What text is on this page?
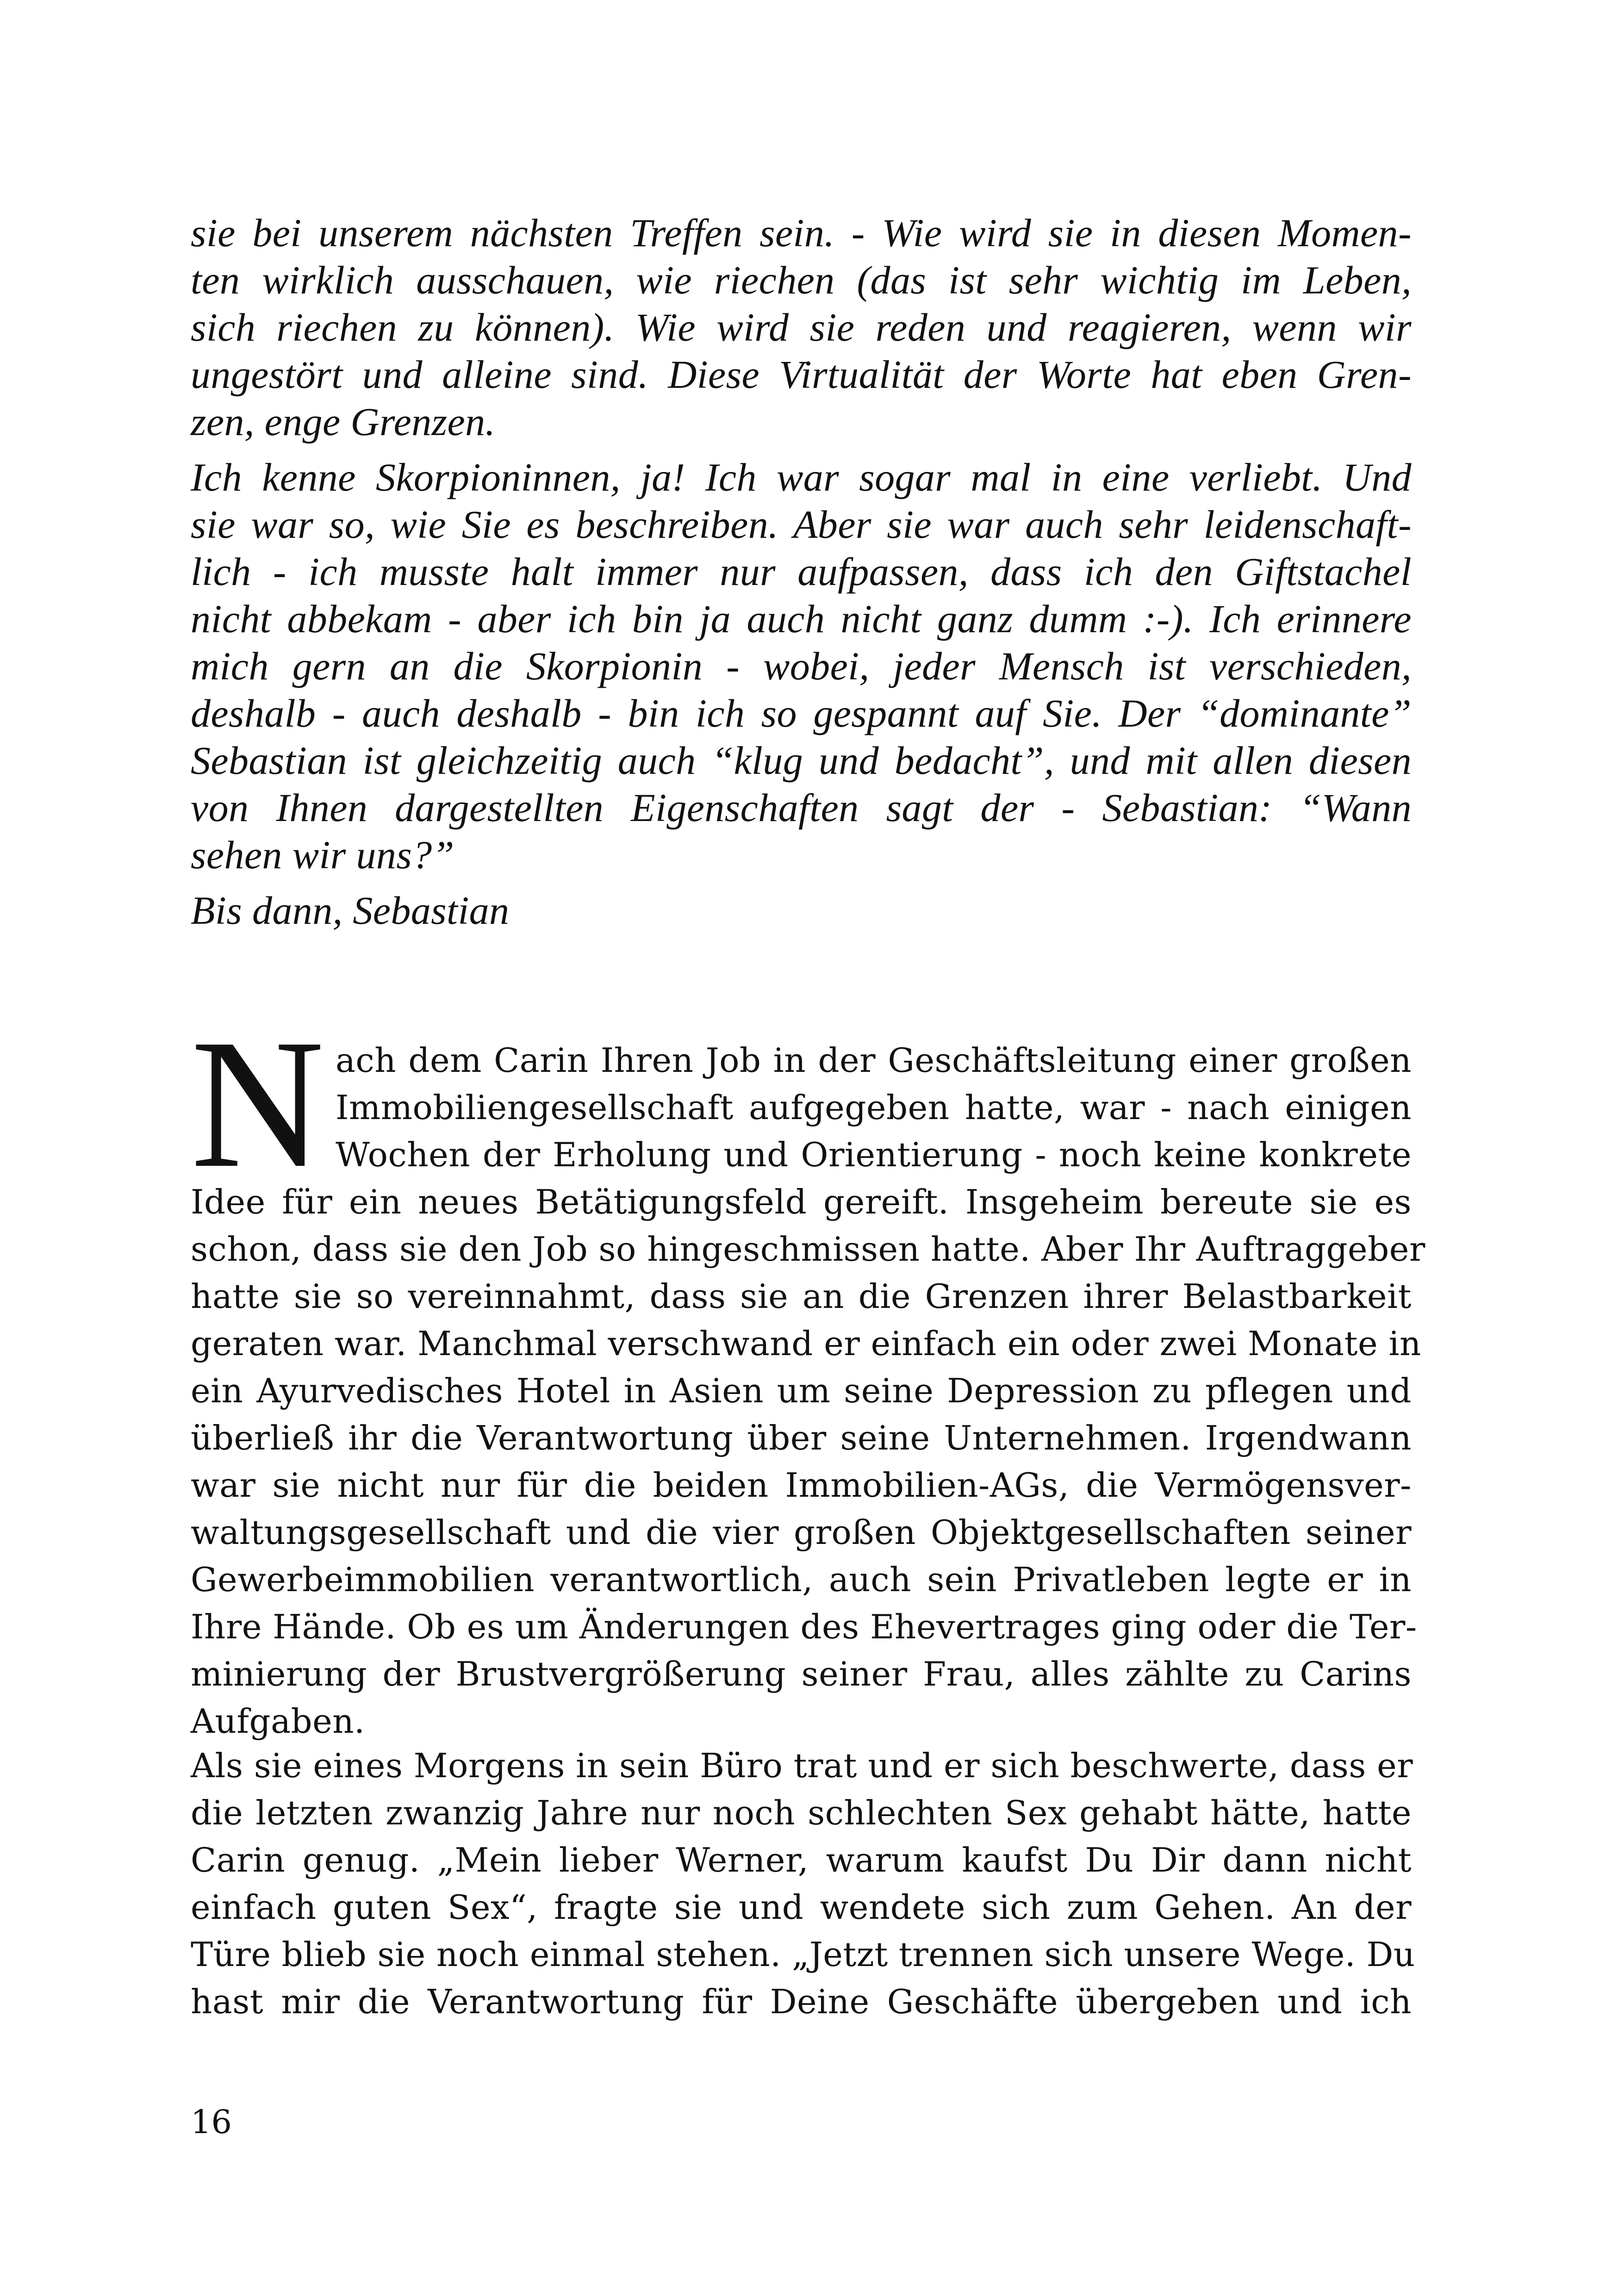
sie bei unserem nächsten Treffen sein. - Wie wird sie in diesen Momen-
ten wirklich ausschauen, wie riechen (das ist sehr wichtig im Leben,
sich riechen zu können). Wie wird sie reden und reagieren, wenn wir
ungestört und alleine sind. Diese Virtualität der Worte hat eben Gren-
zen, enge Grenzen.
Ich kenne Skorpioninnen, ja! Ich war sogar mal in eine verliebt. Und
sie war so, wie Sie es beschreiben. Aber sie war auch sehr leidenschaft-
lich - ich musste halt immer nur aufpassen, dass ich den Giftstachel
nicht abbekam - aber ich bin ja auch nicht ganz dumm :-). Ich erinnere
mich gern an die Skorpionin - wobei, jeder Mensch ist verschieden,
deshalb - auch deshalb - bin ich so gespannt auf Sie. Der “dominante”
Sebastian ist gleichzeitig auch “klug und bedacht”, und mit allen diesen
von Ihnen dargestellten Eigenschaften sagt der - Sebastian: “Wann
sehen wir uns?”
Bis dann, Sebastian
N ach dem Carin Ihren Job in der Geschäftsleitung einer großen
Immobiliengesellschaft aufgegeben hatte, war - nach einigen
Wochen der Erholung und Orientierung - noch keine konkrete
Idee für ein neues Betätigungsfeld gereift. Insgeheim bereute sie es
schon, dass sie den Job so hingeschmissen hatte. Aber Ihr Auftraggeber
hatte sie so vereinnahmt, dass sie an die Grenzen ihrer Belastbarkeit
geraten war. Manchmal verschwand er einfach ein oder zwei Monate in
ein Ayurvedisches Hotel in Asien um seine Depression zu pflegen und
überließ ihr die Verantwortung über seine Unternehmen. Irgendwann
war sie nicht nur für die beiden Immobilien-AGs, die Vermögensver-
waltungsgesellschaft und die vier großen Objektgesellschaften seiner
Gewerbeimmobilien verantwortlich, auch sein Privatleben legte er in
Ihre Hände. Ob es um Änderungen des Ehevertrages ging oder die Ter-
minierung der Brustvergrößerung seiner Frau, alles zählte zu Carins
Aufgaben.
Als sie eines Morgens in sein Büro trat und er sich beschwerte, dass er
die letzten zwanzig Jahre nur noch schlechten Sex gehabt hätte, hatte
Carin genug. „Mein lieber Werner, warum kaufst Du Dir dann nicht
einfach guten Sex“, fragte sie und wendete sich zum Gehen. An der
Türe blieb sie noch einmal stehen. „Jetzt trennen sich unsere Wege. Du
hast mir die Verantwortung für Deine Geschäfte übergeben und ich
16
